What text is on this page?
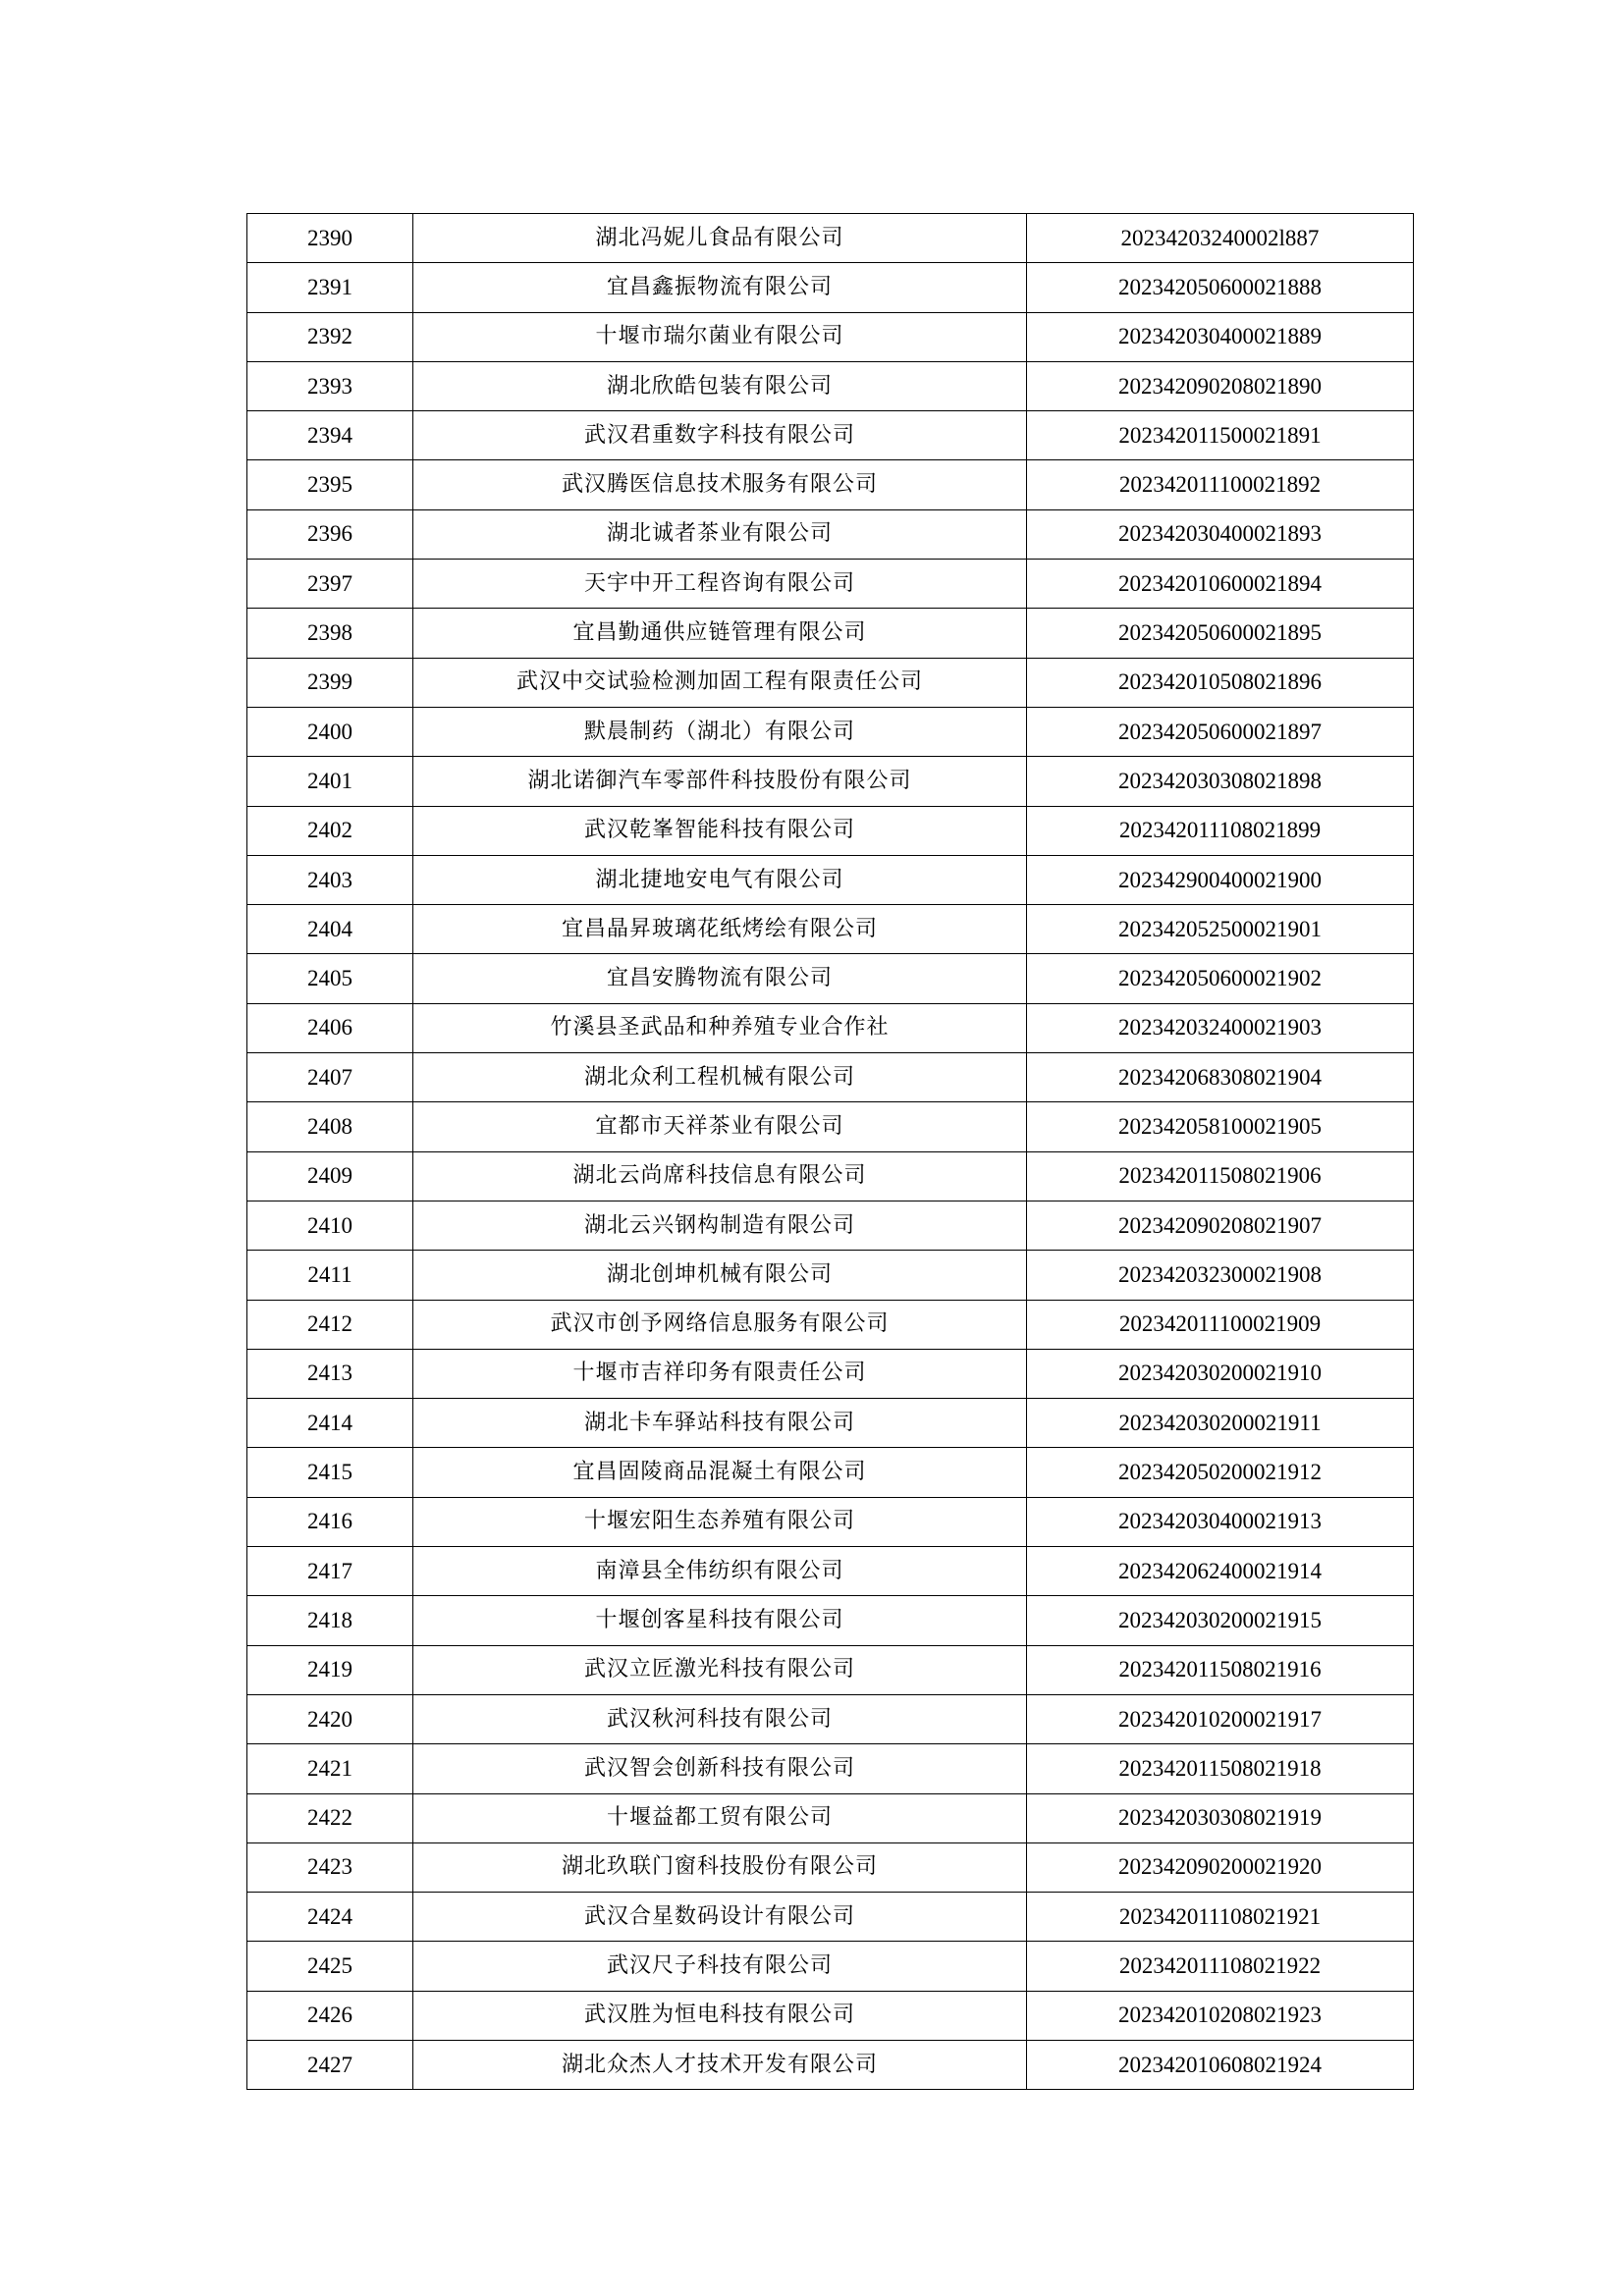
2390	湖北冯妮儿食品有限公司	20234203240002l887
2391	宜昌鑫振物流有限公司	202342050600021888
2392	十堰市瑞尔菌业有限公司	202342030400021889
2393	湖北欣皓包装有限公司	202342090208021890
2394	武汉君重数字科技有限公司	202342011500021891
2395	武汉腾医信息技术服务有限公司	202342011100021892
2396	湖北诚者茶业有限公司	202342030400021893
2397	天宇中开工程咨询有限公司	202342010600021894
2398	宜昌勤通供应链管理有限公司	202342050600021895
2399	武汉中交试验检测加固工程有限责任公司	202342010508021896
2400	默晨制药（湖北）有限公司	202342050600021897
2401	湖北诺御汽车零部件科技股份有限公司	202342030308021898
2402	武汉乾峯智能科技有限公司	202342011108021899
2403	湖北捷地安电气有限公司	202342900400021900
2404	宜昌晶昇玻璃花纸烤绘有限公司	202342052500021901
2405	宜昌安腾物流有限公司	202342050600021902
2406	竹溪县圣武品和种养殖专业合作社	202342032400021903
2407	湖北众利工程机械有限公司	202342068308021904
2408	宜都市天祥茶业有限公司	202342058100021905
2409	湖北云尚席科技信息有限公司	202342011508021906
2410	湖北云兴钢构制造有限公司	202342090208021907
2411	湖北创坤机械有限公司	202342032300021908
2412	武汉市创予网络信息服务有限公司	202342011100021909
2413	十堰市吉祥印务有限责任公司	202342030200021910
2414	湖北卡车驿站科技有限公司	202342030200021911
2415	宜昌固陵商品混凝土有限公司	202342050200021912
2416	十堰宏阳生态养殖有限公司	202342030400021913
2417	南漳县全伟纺织有限公司	202342062400021914
2418	十堰创客星科技有限公司	202342030200021915
2419	武汉立匠激光科技有限公司	202342011508021916
2420	武汉秋河科技有限公司	202342010200021917
2421	武汉智会创新科技有限公司	202342011508021918
2422	十堰益都工贸有限公司	202342030308021919
2423	湖北玖联门窗科技股份有限公司	202342090200021920
2424	武汉合星数码设计有限公司	202342011108021921
2425	武汉尺子科技有限公司	202342011108021922
2426	武汉胜为恒电科技有限公司	202342010208021923
2427	湖北众杰人才技术开发有限公司	202342010608021924
